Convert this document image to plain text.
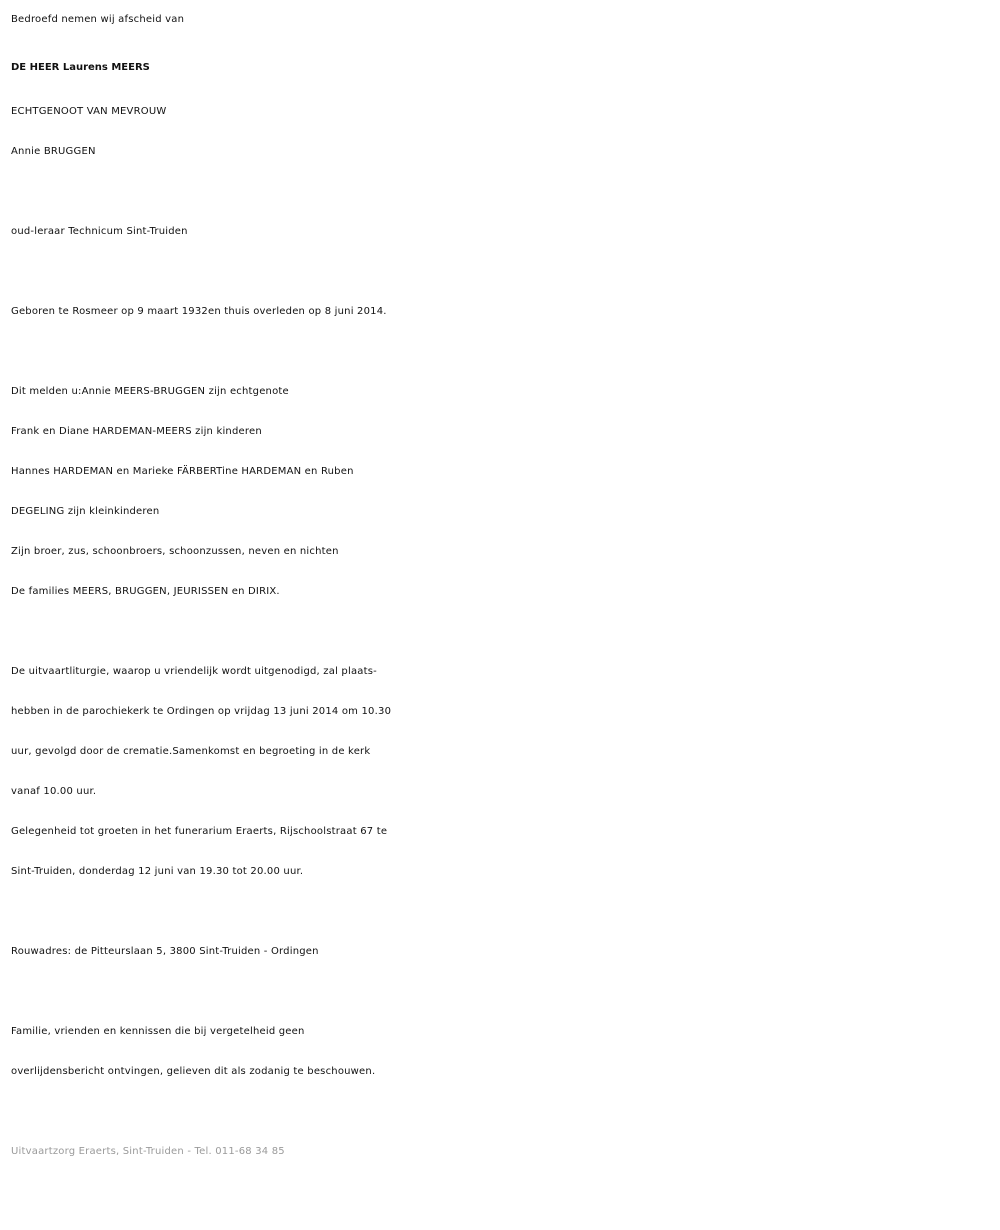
Bedroefd nemen wij afscheid van
DE HEER Laurens MEERS
ECHTGENOOT VAN MEVROUW
Annie BRUGGEN
oud-leraar Technicum Sint-Truiden
Geboren te Rosmeer op 9 maart 1932en thuis overleden op 8 juni 2014.
Dit melden u:Annie MEERS-BRUGGEN zijn echtgenote
Frank en Diane HARDEMAN-MEERS zijn kinderen
Hannes HARDEMAN en Marieke FÄRBERTine HARDEMAN en Ruben
DEGELING zijn kleinkinderen
Zijn broer, zus, schoonbroers, schoonzussen, neven en nichten
De families MEERS, BRUGGEN, JEURISSEN en DIRIX.
De uitvaartliturgie, waarop u vriendelijk wordt uitgenodigd, zal plaats-
hebben in de parochiekerk te Ordingen op vrijdag 13 juni 2014 om 10.30
uur, gevolgd door de crematie.Samenkomst en begroeting in de kerk
vanaf 10.00 uur.
Gelegenheid tot groeten in het funerarium Eraerts, Rijschoolstraat 67 te
Sint-Truiden, donderdag 12 juni van 19.30 tot 20.00 uur.
Rouwadres: de Pitteurslaan 5, 3800 Sint-Truiden - Ordingen
Familie, vrienden en kennissen die bij vergetelheid geen
overlijdensbericht ontvingen, gelieven dit als zodanig te beschouwen.
Uitvaartzorg Eraerts, Sint-Truiden - Tel. 011-68 34 85
